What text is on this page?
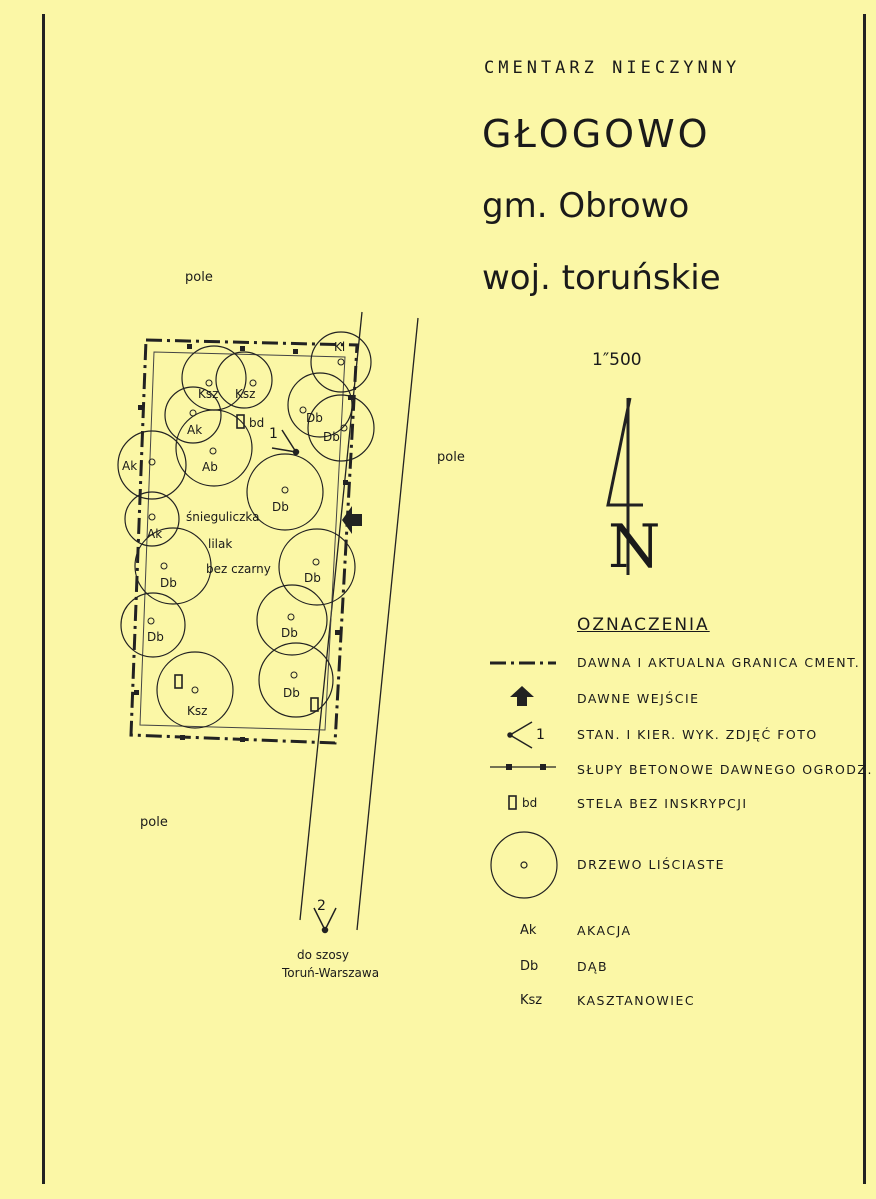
CMENTARZ NIECZYNNY
GŁOGOWO
gm. Obrowo
woj. toruńskie
1″500
pole
pole
pole
N
Kl
Ksz Ksz
Ak
Ab
Db
Db
Ak
Db
Ak
Db
Db
Db
Db
Db
Ksz
bd
1
2
śnieguliczka
lilak
bez czarny
do szosy
Toruń-Warszawa
OZNACZENIA
DAWNA I AKTUALNA GRANICA CMENT.
DAWNE WEJŚCIE
1	STAN. I KIER. WYK. ZDJĘĆ FOTO
SŁUPY BETONOWE DAWNEGO OGRODZ.
bd	STELA BEZ INSKRYPCJI
DRZEWO LIŚCIASTE
Ak	AKACJA
Db	DĄB
Ksz	KASZTANOWIEC
